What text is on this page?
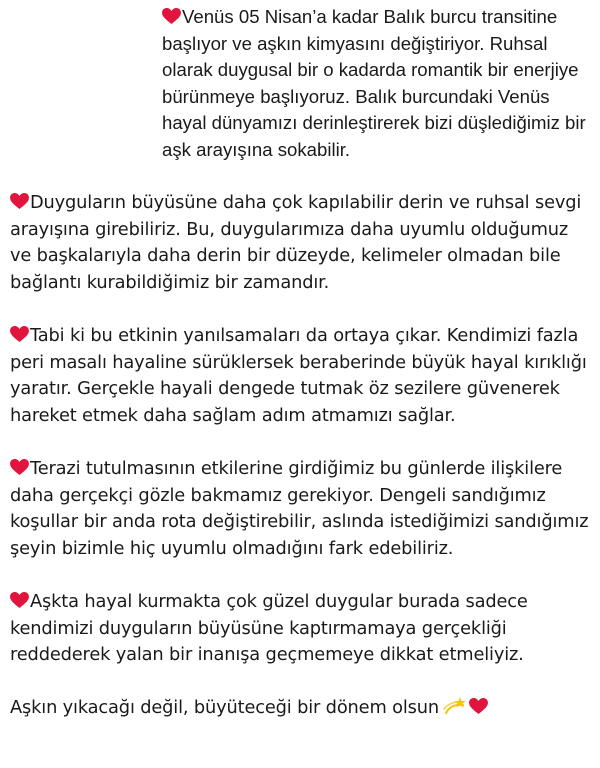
Venüs 05 Nisan’a kadar Balık burcu transitine başlıyor ve aşkın kimyasını değiştiriyor. Ruhsal olarak duygusal bir o kadarda romantik bir enerjiye bürünmeye başlıyoruz. Balık burcundaki Venüs hayal dünyamızı derinleştirerek bizi düşlediğimiz bir aşk arayışına sokabilir.

Duyguların büyüsüne daha çok kapılabilir derin ve ruhsal sevgi arayışına girebiliriz. Bu, duygularımıza daha uyumlu olduğumuz ve başkalarıyla daha derin bir düzeyde, kelimeler olmadan bile bağlantı kurabildiğimiz bir zamandır.

Tabi ki bu etkinin yanılsamaları da ortaya çıkar. Kendimizi fazla peri masalı hayaline sürüklersek beraberinde büyük hayal kırıklığı yaratır. Gerçekle hayali dengede tutmak öz sezilere güvenerek hareket etmek daha sağlam adım atmamızı sağlar.

Terazi tutulmasının etkilerine girdiğimiz bu günlerde ilişkilere daha gerçekçi gözle bakmamız gerekiyor. Dengeli sandığımız koşullar bir anda rota değiştirebilir, aslında istediğimizi sandığımız şeyin bizimle hiç uyumlu olmadığını fark edebiliriz.

Aşkta hayal kurmakta çok güzel duygular burada sadece kendimizi duyguların büyüsüne kaptırmamaya gerçekliği reddederek yalan bir inanışa geçmemeye dikkat etmeliyiz.

Aşkın yıkacağı değil, büyüteceği bir dönem olsun
